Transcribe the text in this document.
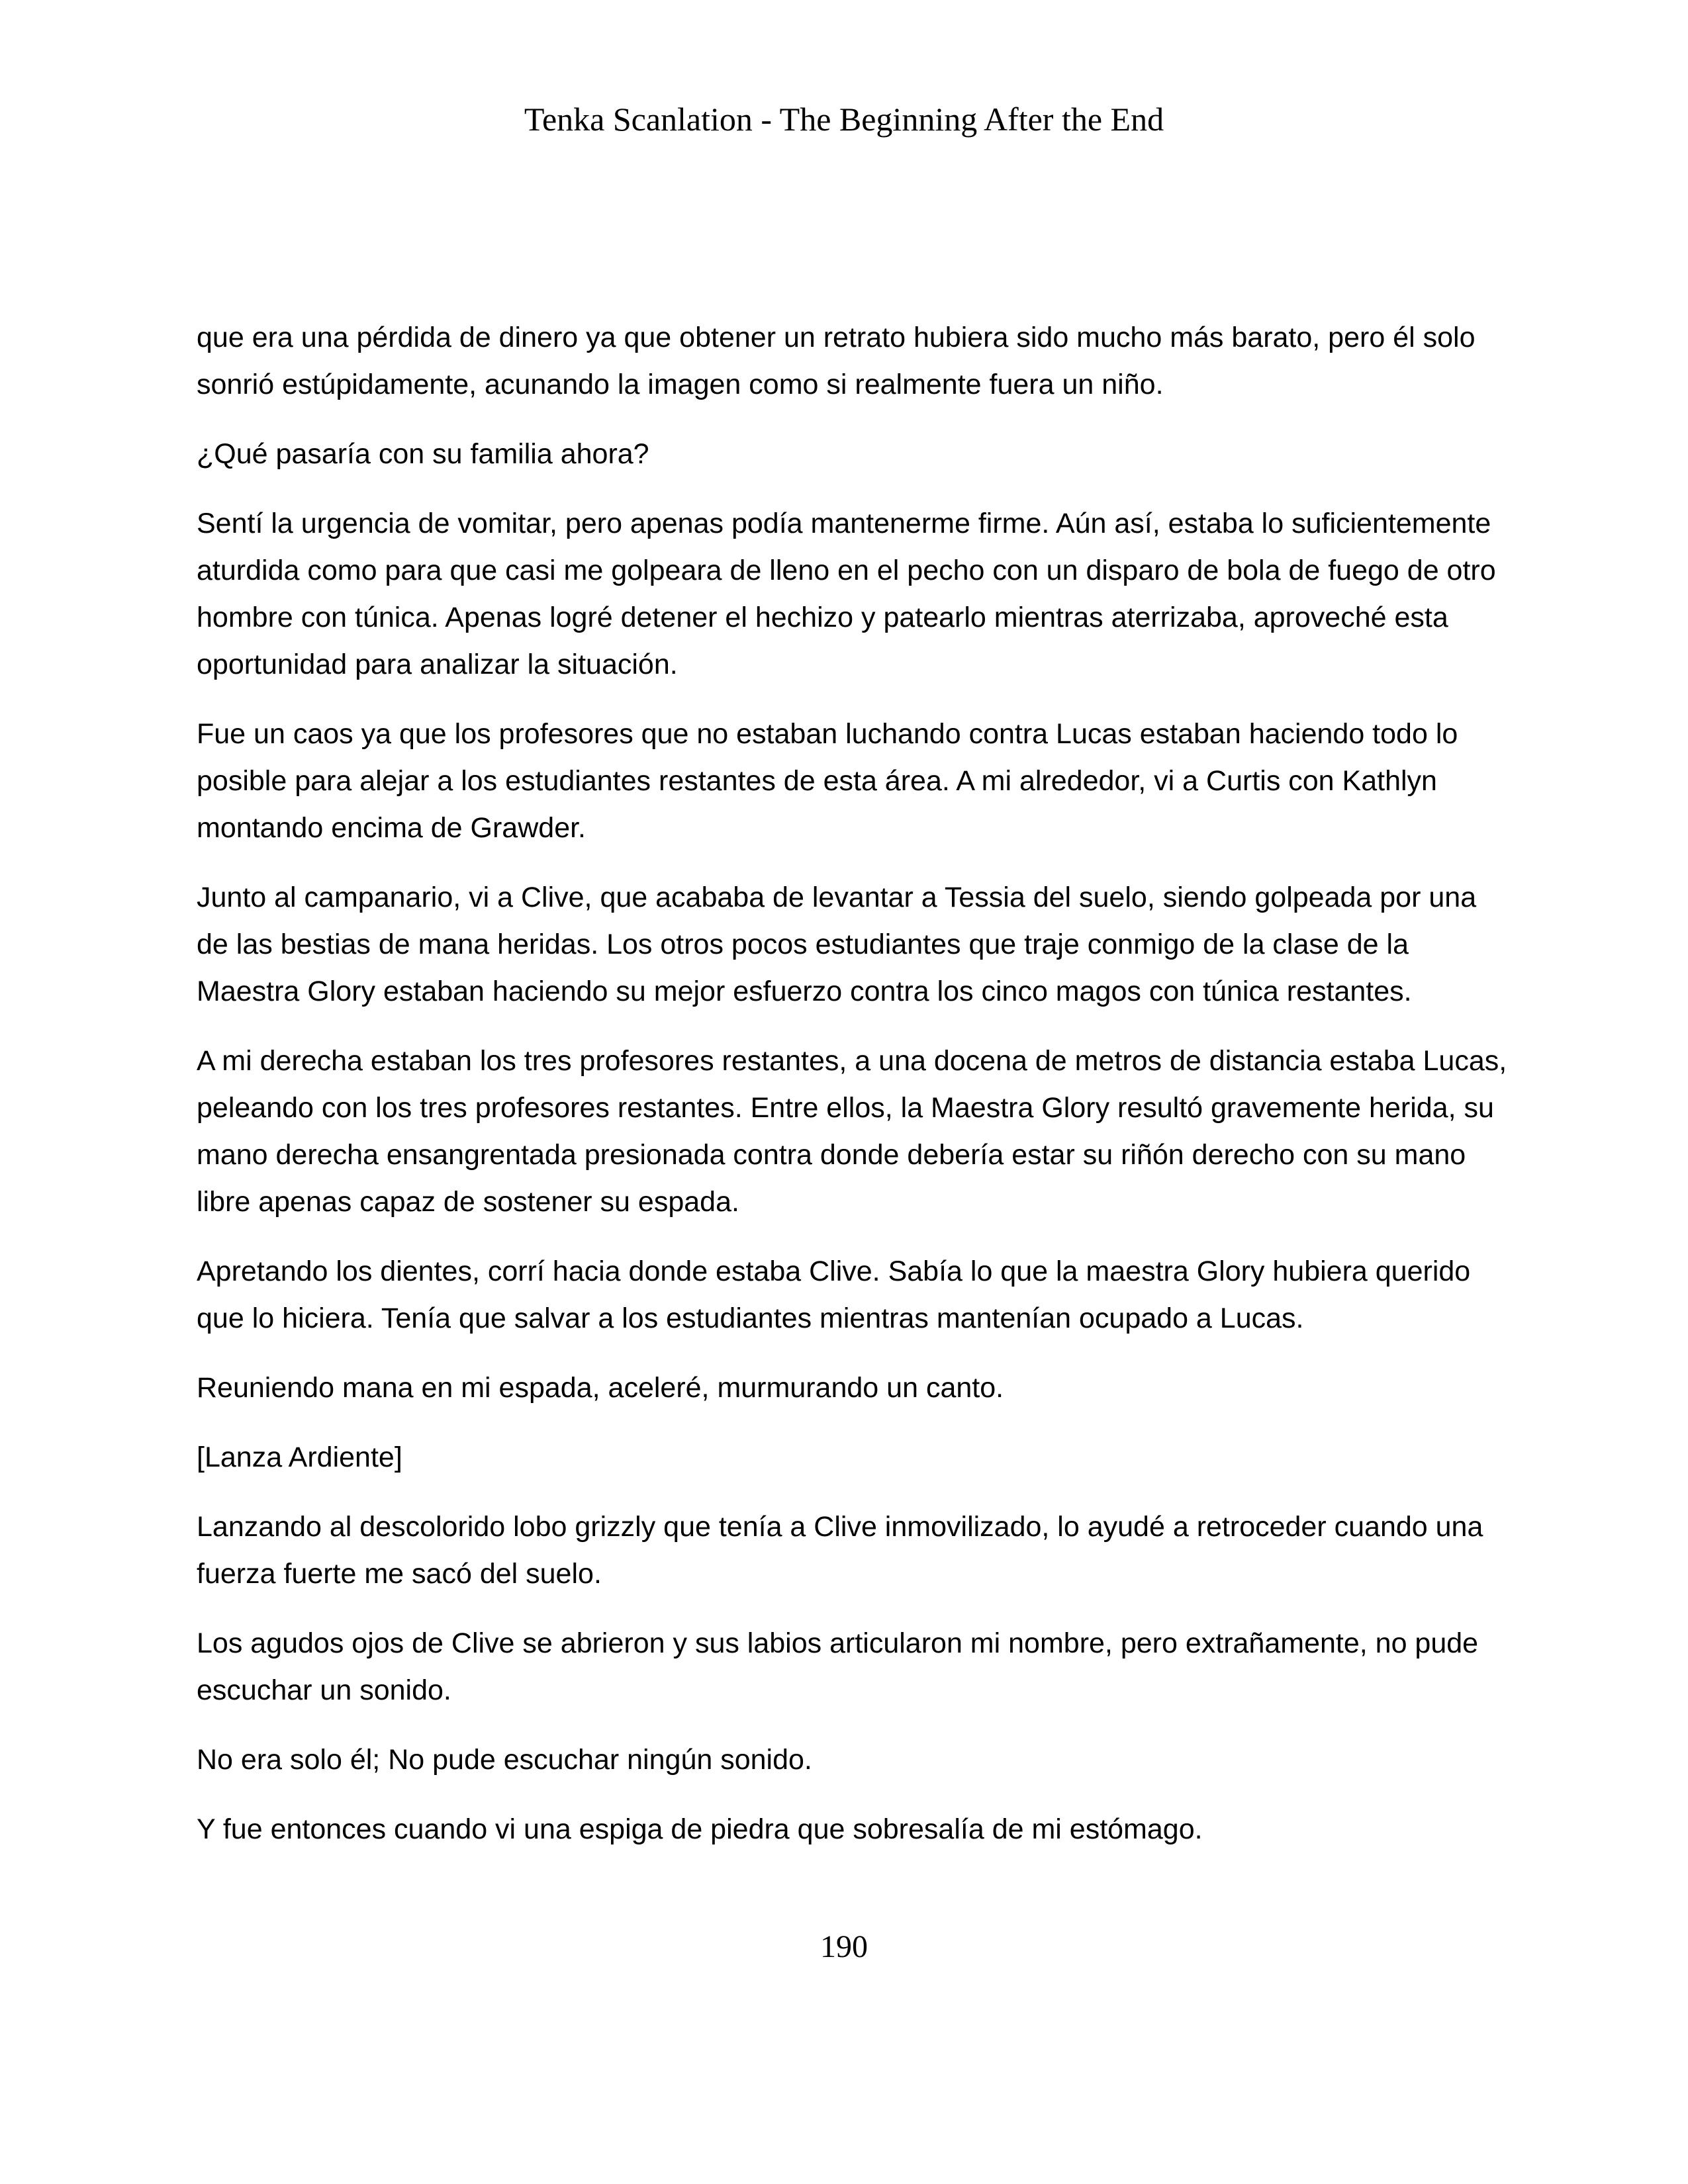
Tenka Scanlation - The Beginning After the End

que era una pérdida de dinero ya que obtener un retrato hubiera sido mucho más barato, pero él solo sonrió estúpidamente, acunando la imagen como si realmente fuera un niño.

¿Qué pasaría con su familia ahora?

Sentí la urgencia de vomitar, pero apenas podía mantenerme firme. Aún así, estaba lo suficientemente aturdida como para que casi me golpeara de lleno en el pecho con un disparo de bola de fuego de otro hombre con túnica. Apenas logré detener el hechizo y patearlo mientras aterrizaba, aproveché esta oportunidad para analizar la situación.

Fue un caos ya que los profesores que no estaban luchando contra Lucas estaban haciendo todo lo posible para alejar a los estudiantes restantes de esta área. A mi alrededor, vi a Curtis con Kathlyn montando encima de Grawder.

Junto al campanario, vi a Clive, que acababa de levantar a Tessia del suelo, siendo golpeada por una de las bestias de mana heridas. Los otros pocos estudiantes que traje conmigo de la clase de la Maestra Glory estaban haciendo su mejor esfuerzo contra los cinco magos con túnica restantes.

A mi derecha estaban los tres profesores restantes, a una docena de metros de distancia estaba Lucas, peleando con los tres profesores restantes. Entre ellos, la Maestra Glory resultó gravemente herida, su mano derecha ensangrentada presionada contra donde debería estar su riñón derecho con su mano libre apenas capaz de sostener su espada.

Apretando los dientes, corrí hacia donde estaba Clive. Sabía lo que la maestra Glory hubiera querido que lo hiciera. Tenía que salvar a los estudiantes mientras mantenían ocupado a Lucas.

Reuniendo mana en mi espada, aceleré, murmurando un canto.

[Lanza Ardiente]

Lanzando al descolorido lobo grizzly que tenía a Clive inmovilizado, lo ayudé a retroceder cuando una fuerza fuerte me sacó del suelo.

Los agudos ojos de Clive se abrieron y sus labios articularon mi nombre, pero extrañamente, no pude escuchar un sonido.

No era solo él; No pude escuchar ningún sonido.

Y fue entonces cuando vi una espiga de piedra que sobresalía de mi estómago.

190
